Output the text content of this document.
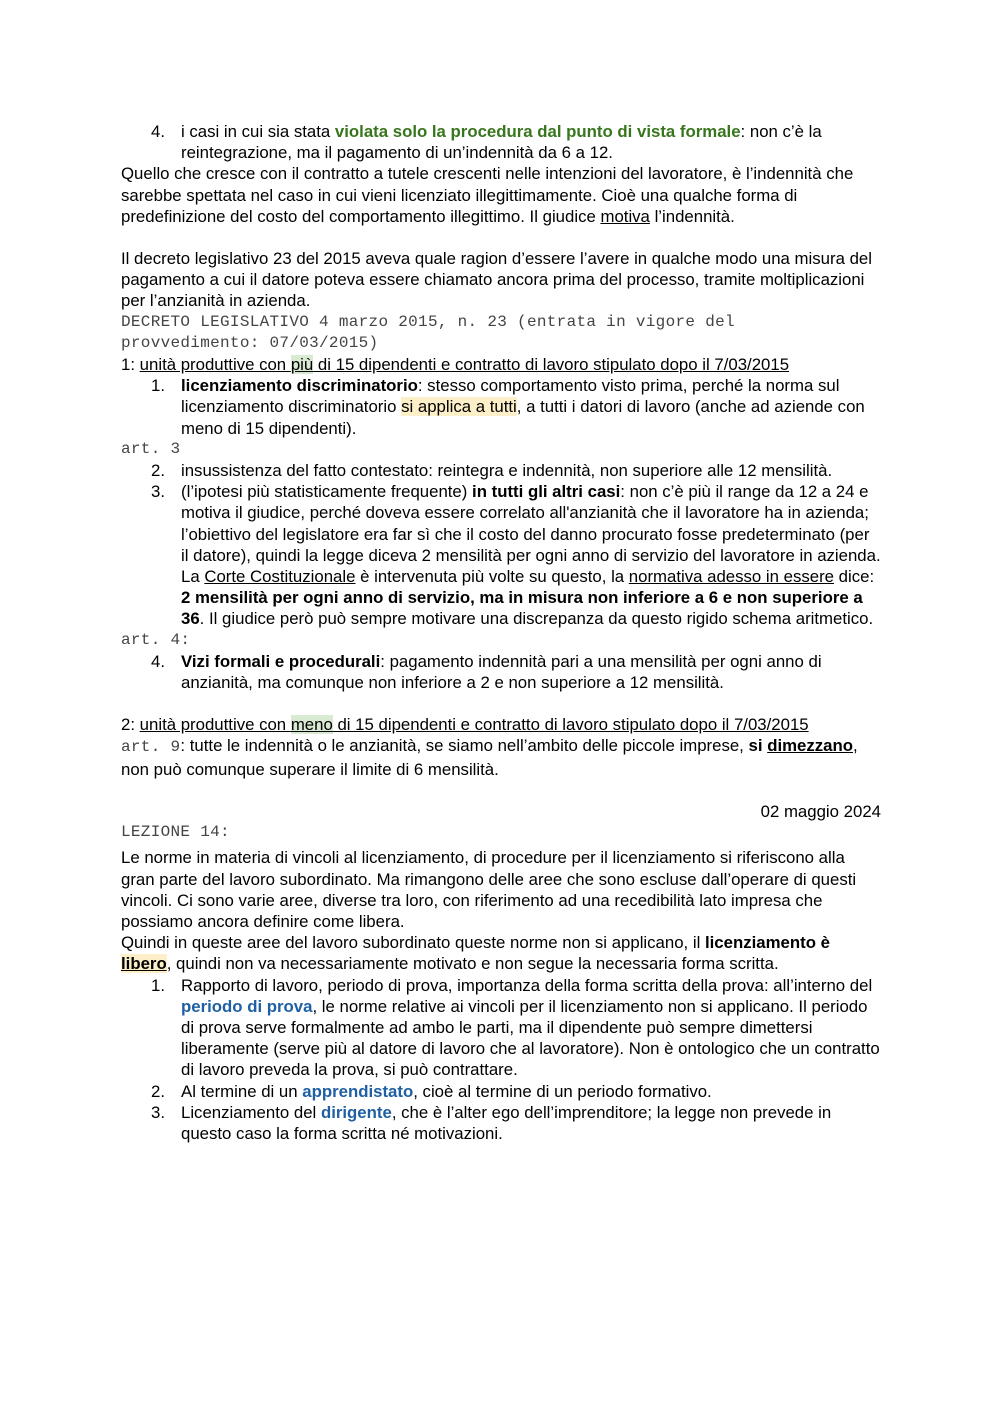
4. i casi in cui sia stata violata solo la procedura dal punto di vista formale: non c’è la reintegrazione, ma il pagamento di un’indennità da 6 a 12.

Quello che cresce con il contratto a tutele crescenti nelle intenzioni del lavoratore, è l’indennità che sarebbe spettata nel caso in cui vieni licenziato illegittimamente. Cioè una qualche forma di predefinizione del costo del comportamento illegittimo. Il giudice motiva l’indennità.

Il decreto legislativo 23 del 2015 aveva quale ragion d’essere l’avere in qualche modo una misura del pagamento a cui il datore poteva essere chiamato ancora prima del processo, tramite moltiplicazioni per l’anzianità in azienda.

DECRETO LEGISLATIVO 4 marzo 2015, n. 23 (entrata in vigore del provvedimento: 07/03/2015)

1: unità produttive con più di 15 dipendenti e contratto di lavoro stipulato dopo il 7/03/2015

1. licenziamento discriminatorio: stesso comportamento visto prima, perché la norma sul licenziamento discriminatorio si applica a tutti, a tutti i datori di lavoro (anche ad aziende con meno di 15 dipendenti).

art. 3

2. insussistenza del fatto contestato: reintegra e indennità, non superiore alle 12 mensilità.
3. (l’ipotesi più statisticamente frequente) in tutti gli altri casi: non c’è più il range da 12 a 24 e motiva il giudice, perché doveva essere correlato all'anzianità che il lavoratore ha in azienda; l’obiettivo del legislatore era far sì che il costo del danno procurato fosse predeterminato (per il datore), quindi la legge diceva 2 mensilità per ogni anno di servizio del lavoratore in azienda.

La Corte Costituzionale è intervenuta più volte su questo, la normativa adesso in essere dice: 2 mensilità per ogni anno di servizio, ma in misura non inferiore a 6 e non superiore a 36. Il giudice però può sempre motivare una discrepanza da questo rigido schema aritmetico.

art. 4:

4. Vizi formali e procedurali: pagamento indennità pari a una mensilità per ogni anno di anzianità, ma comunque non inferiore a 2 e non superiore a 12 mensilità.

2: unità produttive con meno di 15 dipendenti e contratto di lavoro stipulato dopo il 7/03/2015

art. 9: tutte le indennità o le anzianità, se siamo nell’ambito delle piccole imprese, si dimezzano, non può comunque superare il limite di 6 mensilità.

02 maggio 2024

LEZIONE 14:

Le norme in materia di vincoli al licenziamento, di procedure per il licenziamento si riferiscono alla gran parte del lavoro subordinato. Ma rimangono delle aree che sono escluse dall’operare di questi vincoli. Ci sono varie aree, diverse tra loro, con riferimento ad una recedibilità lato impresa che possiamo ancora definire come libera.

Quindi in queste aree del lavoro subordinato queste norme non si applicano, il licenziamento è libero, quindi non va necessariamente motivato e non segue la necessaria forma scritta.

1. Rapporto di lavoro, periodo di prova, importanza della forma scritta della prova: all’interno del periodo di prova, le norme relative ai vincoli per il licenziamento non si applicano. Il periodo di prova serve formalmente ad ambo le parti, ma il dipendente può sempre dimettersi liberamente (serve più al datore di lavoro che al lavoratore). Non è ontologico che un contratto di lavoro preveda la prova, si può contrattare.
2. Al termine di un apprendistato, cioè al termine di un periodo formativo.
3. Licenziamento del dirigente, che è l’alter ego dell’imprenditore; la legge non prevede in questo caso la forma scritta né motivazioni.
